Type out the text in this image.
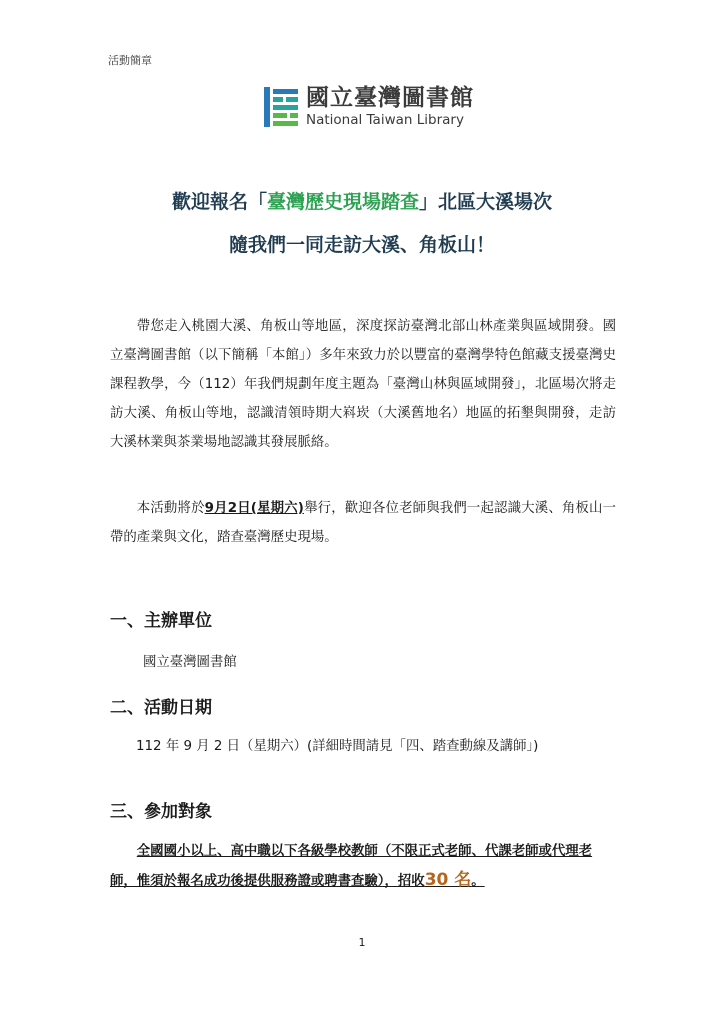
活動簡章
國立臺灣圖書館
National Taiwan Library
歡迎報名「臺灣歷史現場踏查」北區大溪場次
隨我們一同走訪大溪、角板山！

帶您走入桃園大溪、角板山等地區，深度探訪臺灣北部山林產業與區域開發。國立臺灣圖書館（以下簡稱「本館」）多年來致力於以豐富的臺灣學特色館藏支援臺灣史課程教學，今（112）年我們規劃年度主題為「臺灣山林與區域開發」，北區場次將走訪大溪、角板山等地，認識清領時期大嵙崁（大溪舊地名）地區的拓墾與開發，走訪大溪林業與茶業場地認識其發展脈絡。

本活動將於9月2日(星期六)舉行，歡迎各位老師與我們一起認識大溪、角板山一帶的產業與文化，踏查臺灣歷史現場。

一、主辦單位
國立臺灣圖書館
二、活動日期
112 年 9 月 2 日（星期六）(詳細時間請見「四、踏查動線及講師」)
三、參加對象
全國國小以上、高中職以下各級學校教師（不限正式老師、代課老師或代理老師，惟須於報名成功後提供服務證或聘書查驗），招收30 名。
1
